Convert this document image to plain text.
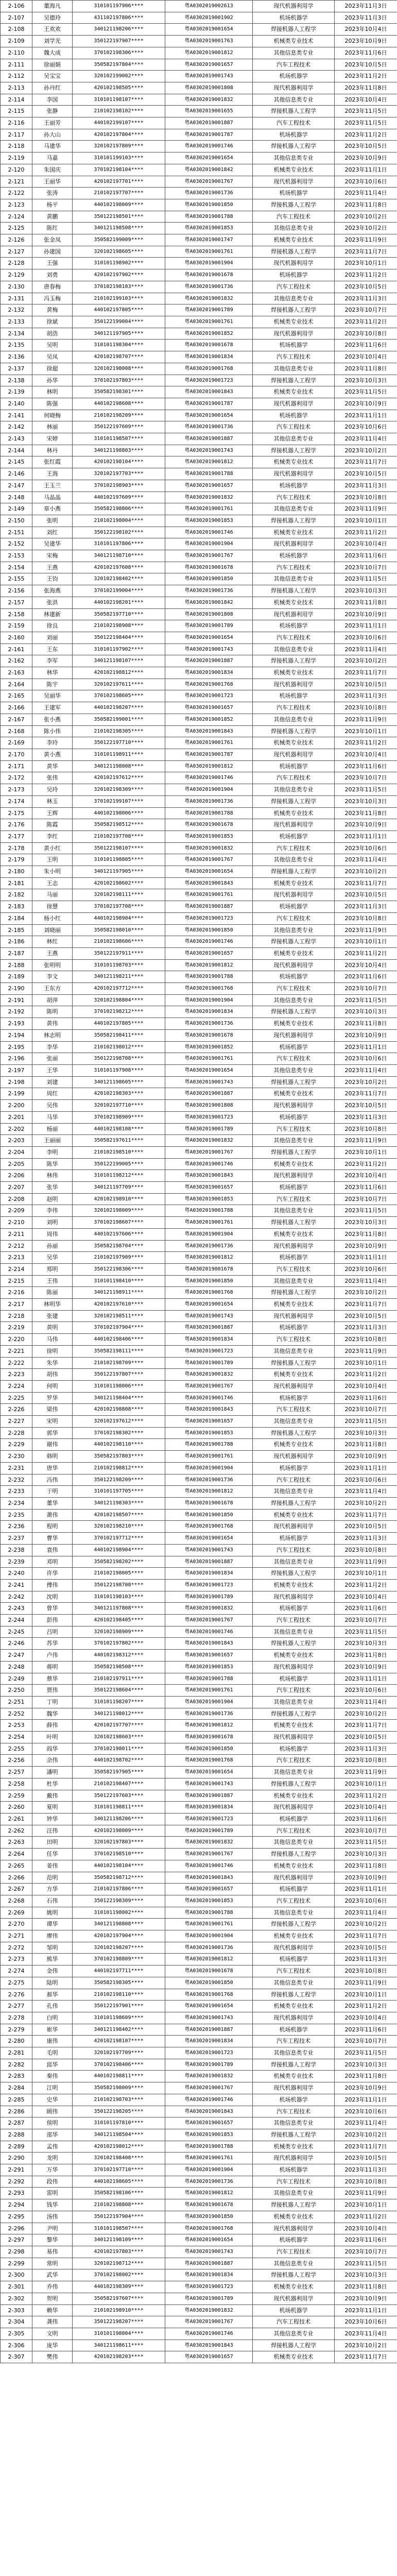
2-106	董海凡	310101197906****	粤A0302019002613	现代机器利用学	2023年11月3日
2-107	吴德玲	431102197806****	粤A0302019001902	机场机器学	2023年11月3日
2-108	王欢欢	340121198206****	粤A0302019001654	焊接机器人工程学	2023年10月4日
2-109	刘学光	350122197907****	粤A0302019001763	机械类专业技术	2023年10月9日
2-110	魏大成	370102198306****	粤A0302019001812	其他信息类专业	2023年11月6日
2-111	徐丽娟	350582197804****	粤A0302019001657	汽车工程技术	2023年10月5日
2-112	吴宝宝	320102199002****	粤A0302019001743	机场机器学	2023年11月2日
2-113	孙丹红	420102198505****	粤A0302019001808	现代机器利用学	2023年11月8日
2-114	李国	310101198107****	粤A0302019001832	其他信息类专业	2023年10月4日
2-115	张静	210102198102****	粤A0302019001655	焊接机器人工程学	2023年11月5日
2-116	王丽芳	440102199107****	粤A0302019001887	汽车工程技术	2023年11月5日
2-117	孙大山	420102197804****	粤A0302019001787	机场机器学	2023年11月2日
2-118	马建华	320102197809****	粤A0302019001746	焊接机器人工程学	2023年10月5日
2-119	马嘉	310101199103****	粤A0302019001654	其他信息类专业	2023年10月9日
2-120	朱国庆	370102198104****	粤A0302019001842	机械类专业技术	2023年11月1日
2-121	王丽华	420102197701****	粤A0302019001767	现代机器利用学	2023年10月6日
2-122	张涛	210102197707****	粤A0302019001736	机场机器学	2023年11月4日
2-123	杨平	440102198009****	粤A0302019001850	焊接机器人工程学	2023年11月8日
2-124	黄鹏	350122198501****	粤A0302019001788	汽车工程技术	2023年10月2日
2-125	陈红	340121198508****	粤A0302019001853	其他信息类专业	2023年10月2日
2-126	张金凤	350582199009****	粤A0302019001747	机械类专业技术	2023年11月9日
2-127	孙建国	320102198605****	粤A0302019001761	焊接机器人工程学	2023年11月7日
2-128	王强	310101198902****	粤A0302019001904	现代机器利用学	2023年10月1日
2-129	刘勇	420102197902****	粤A0302019001678	机场机器学	2023年11月2日
2-130	唐春梅	370102198103****	粤A0302019001736	汽车工程技术	2023年10月5日
2-131	冯玉梅	210102199103****	粤A0302019001832	其他信息类专业	2023年11月3日
2-132	黄梅	440102197805****	粤A0302019001789	焊接机器人工程学	2023年10月7日
2-133	徐斌	350122199004****	粤A0302019001761	机械类专业技术	2023年11月2日
2-134	胡浩	340121197905****	粤A0302019001852	现代机器利用学	2023年10月8日
2-135	吴明	310101198304****	粤A0302019001678	机场机器学	2023年11月6日
2-136	吴凤	420102198707****	粤A0302019001834	汽车工程技术	2023年10月4日
2-137	徐超	320102198008****	粤A0302019001768	其他信息类专业	2023年11月8日
2-138	孙华	370102197803****	粤A0302019001723	焊接机器人工程学	2023年10月3日
2-139	林明	350582198301****	粤A0302019001843	机械类专业技术	2023年11月5日
2-140	陈强	440102198608****	粤A0302019001787	现代机器利用学	2023年10月9日
2-141	何晓梅	210102198209****	粤A0302019001654	机场机器学	2023年11月1日
2-142	林丽	350122197609****	粤A0302019001736	汽车工程技术	2023年10月6日
2-143	宋婷	310101198507****	粤A0302019001887	其他信息类专业	2023年11月4日
2-144	林丹	340121198803****	粤A0302019001743	焊接机器人工程学	2023年10月2日
2-145	张红霞	420102198104****	粤A0302019001812	机械类专业技术	2023年11月7日
2-146	王海	320102197703****	粤A0302019001788	现代机器利用学	2023年10月5日
2-147	王玉兰	370102198903****	粤A0302019001657	机场机器学	2023年11月3日
2-148	马晶晶	440102197609****	粤A0302019001832	汽车工程技术	2023年10月8日
2-149	章小燕	350582198806****	粤A0302019001761	其他信息类专业	2023年11月9日
2-150	张明	210102198004****	粤A0302019001853	焊接机器人工程学	2023年10月1日
2-151	刘红	350122198102****	粤A0302019001746	机械类专业技术	2023年11月2日
2-152	吴建华	310101197806****	粤A0302019001904	现代机器利用学	2023年10月4日
2-153	宋梅	340121198710****	粤A0302019001767	机场机器学	2023年11月6日
2-154	王燕	420102197608****	粤A0302019001678	汽车工程技术	2023年10月7日
2-155	王钧	320102198402****	粤A0302019001850	其他信息类专业	2023年11月5日
2-156	张海燕	370102199004****	粤A0302019001736	焊接机器人工程学	2023年10月3日
2-157	张洪	440102198201****	粤A0302019001842	机械类专业技术	2023年11月8日
2-158	林建新	350582197710****	粤A0302019001808	现代机器利用学	2023年10月9日
2-159	徐良	210102198908****	粤A0302019001789	机场机器学	2023年11月1日
2-160	刘丽	350122198404****	粤A0302019001654	汽车工程技术	2023年10月6日
2-161	王东	310101197902****	粤A0302019001743	其他信息类专业	2023年11月4日
2-162	李军	340121198107****	粤A0302019001887	焊接机器人工程学	2023年10月2日
2-163	林华	420102198812****	粤A0302019001834	机械类专业技术	2023年11月7日
2-164	陈宇	320102197611****	粤A0302019001768	现代机器利用学	2023年10月5日
2-165	吴丽华	370102198605****	粤A0302019001723	机场机器学	2023年11月3日
2-166	王建军	440102198207****	粤A0302019001657	汽车工程技术	2023年10月8日
2-167	张小燕	350582199001****	粤A0302019001852	其他信息类专业	2023年11月9日
2-168	陈小伟	210102198305****	粤A0302019001843	焊接机器人工程学	2023年10月1日
2-169	李玲	350122197710****	粤A0302019001761	机械类专业技术	2023年11月2日
2-170	黄小燕	310101198911****	粤A0302019001787	现代机器利用学	2023年10月4日
2-171	黄华	340121198008****	粤A0302019001812	机场机器学	2023年11月6日
2-172	张伟	420102197612****	粤A0302019001746	汽车工程技术	2023年10月7日
2-173	吴玲	320102198309****	粤A0302019001904	其他信息类专业	2023年11月5日
2-174	林玉	370102199107****	粤A0302019001736	焊接机器人工程学	2023年10月3日
2-175	王辉	440102198006****	粤A0302019001788	机械类专业技术	2023年11月8日
2-176	陈霞	350582198512****	粤A0302019001678	现代机器利用学	2023年10月9日
2-177	李红	210102197708****	粤A0302019001853	机场机器学	2023年11月1日
2-178	黄小红	350122198107****	粤A0302019001832	汽车工程技术	2023年10月6日
2-179	王明	310101198805****	粤A0302019001767	其他信息类专业	2023年11月4日
2-180	朱小明	340121197905****	粤A0302019001654	焊接机器人工程学	2023年10月2日
2-181	王志	420102198602****	粤A0302019001843	机械类专业技术	2023年11月7日
2-182	马丽	320102198111****	粤A0302019001761	现代机器利用学	2023年10月5日
2-183	徐慧	370102197708****	粤A0302019001887	机场机器学	2023年11月3日
2-184	杨小红	440102198904****	粤A0302019001723	汽车工程技术	2023年10月8日
2-185	刘晓丽	350582198010****	粤A0302019001850	其他信息类专业	2023年11月9日
2-186	林红	210102198606****	粤A0302019001746	焊接机器人工程学	2023年10月1日
2-187	王燕	350122197911****	粤A0302019001657	机械类专业技术	2023年11月2日
2-188	张明明	310101198703****	粤A0302019001812	现代机器利用学	2023年10月4日
2-189	李文	340121198211****	粤A0302019001788	机场机器学	2023年11月6日
2-190	王东方	420102197712****	粤A0302019001768	汽车工程技术	2023年10月7日
2-191	胡萍	320102198804****	粤A0302019001904	其他信息类专业	2023年11月5日
2-192	陈明	370102198212****	粤A0302019001834	焊接机器人工程学	2023年10月3日
2-193	黄伟	440102197805****	粤A0302019001736	机械类专业技术	2023年11月8日
2-194	林志明	350582198411****	粤A0302019001678	现代机器利用学	2023年10月9日
2-195	李华	210102198012****	粤A0302019001852	机场机器学	2023年11月1日
2-196	张丽	350122198708****	粤A0302019001761	汽车工程技术	2023年10月6日
2-197	王华	310101197908****	粤A0302019001654	其他信息类专业	2023年11月4日
2-198	刘建	340121198605****	粤A0302019001743	焊接机器人工程学	2023年10月2日
2-199	周红	420102198303****	粤A0302019001887	机械类专业技术	2023年11月7日
2-200	吴伟	320102197710****	粤A0302019001808	现代机器利用学	2023年10月5日
2-201	马华	370102198909****	粤A0302019001723	机场机器学	2023年11月3日
2-202	杨丽	440102198108****	粤A0302019001789	汽车工程技术	2023年10月8日
2-203	王丽丽	350582197611****	粤A0302019001832	其他信息类专业	2023年11月9日
2-204	李明	210102198510****	粤A0302019001767	焊接机器人工程学	2023年10月1日
2-205	陈华	350122199005****	粤A0302019001746	机械类专业技术	2023年11月2日
2-206	林伟	310101198212****	粤A0302019001843	现代机器利用学	2023年10月4日
2-207	张华	340121197709****	粤A0302019001657	机场机器学	2023年11月6日
2-208	赵明	420102198910****	粤A0302019001853	汽车工程技术	2023年10月7日
2-209	李伟	320102198009****	粤A0302019001788	其他信息类专业	2023年11月5日
2-210	刘明	370102198607****	粤A0302019001761	焊接机器人工程学	2023年10月3日
2-211	周伟	440102197606****	粤A0302019001904	机械类专业技术	2023年11月8日
2-212	孙丽	350582198704****	粤A0302019001736	现代机器利用学	2023年10月9日
2-213	吴华	210102197909****	粤A0302019001812	机场机器学	2023年11月1日
2-214	郑明	350122198306****	粤A0302019001678	汽车工程技术	2023年10月6日
2-215	王伟	310101198410****	粤A0302019001850	其他信息类专业	2023年11月4日
2-216	陈丽	340121198911****	粤A0302019001768	焊接机器人工程学	2023年10月2日
2-217	林明华	420102197610****	粤A0302019001654	机械类专业技术	2023年11月7日
2-218	张建	320102198511****	粤A0302019001743	现代机器利用学	2023年10月5日
2-219	黄明	370102197904****	粤A0302019001887	机场机器学	2023年11月3日
2-220	马伟	440102198406****	粤A0302019001834	汽车工程技术	2023年10月8日
2-221	徐明	350582198111****	粤A0302019001723	其他信息类专业	2023年11月9日
2-222	朱华	210102198709****	粤A0302019001789	焊接机器人工程学	2023年10月1日
2-223	胡伟	350122197807****	粤A0302019001832	机械类专业技术	2023年11月2日
2-224	何明	310101198006****	粤A0302019001767	现代机器利用学	2023年10月4日
2-225	罗华	340121198404****	粤A0302019001746	机场机器学	2023年11月6日
2-226	梁伟	420102198808****	粤A0302019001843	汽车工程技术	2023年10月7日
2-227	宋明	320102197612****	粤A0302019001657	其他信息类专业	2023年11月5日
2-228	郭华	370102198302****	粤A0302019001853	焊接机器人工程学	2023年10月3日
2-229	谢伟	440102198110****	粤A0302019001788	机械类专业技术	2023年11月8日
2-230	韩明	350582197803****	粤A0302019001761	现代机器利用学	2023年10月9日
2-231	唐华	210102198812****	粤A0302019001904	机场机器学	2023年11月1日
2-232	冯伟	350122198209****	粤A0302019001736	汽车工程技术	2023年10月6日
2-233	于明	310101197705****	粤A0302019001812	其他信息类专业	2023年11月4日
2-234	董华	340121198303****	粤A0302019001678	焊接机器人工程学	2023年10月2日
2-235	萧伟	420102198507****	粤A0302019001850	机械类专业技术	2023年11月7日
2-236	程明	320102198210****	粤A0302019001768	现代机器利用学	2023年10月5日
2-237	曹华	370102197712****	粤A0302019001654	机场机器学	2023年11月3日
2-238	袁伟	440102198904****	粤A0302019001743	汽车工程技术	2023年10月8日
2-239	邓明	350582198202****	粤A0302019001887	其他信息类专业	2023年11月9日
2-240	许华	210102198005****	粤A0302019001834	焊接机器人工程学	2023年10月1日
2-241	傅伟	350122198708****	粤A0302019001723	机械类专业技术	2023年11月2日
2-242	沈明	310101198103****	粤A0302019001789	现代机器利用学	2023年10月4日
2-243	曾华	340121197808****	粤A0302019001832	机场机器学	2023年11月6日
2-244	彭伟	420102198405****	粤A0302019001767	汽车工程技术	2023年10月7日
2-245	吕明	320102198909****	粤A0302019001746	其他信息类专业	2023年11月5日
2-246	苏华	370102197802****	粤A0302019001843	焊接机器人工程学	2023年10月3日
2-247	卢伟	440102198312****	粤A0302019001657	机械类专业技术	2023年11月8日
2-248	蒋明	350582198508****	粤A0302019001853	现代机器利用学	2023年10月9日
2-249	蔡华	210102197911****	粤A0302019001788	机场机器学	2023年11月1日
2-250	贾伟	350122198604****	粤A0302019001761	汽车工程技术	2023年10月6日
2-251	丁明	310101198207****	粤A0302019001904	其他信息类专业	2023年11月4日
2-252	魏华	340121198012****	粤A0302019001736	焊接机器人工程学	2023年10月2日
2-253	薛伟	420102197707****	粤A0302019001812	机械类专业技术	2023年11月7日
2-254	叶明	320102198603****	粤A0302019001678	现代机器利用学	2023年10月5日
2-255	阎华	370102198011****	粤A0302019001850	机场机器学	2023年11月3日
2-256	余伟	440102198702****	粤A0302019001768	汽车工程技术	2023年10月8日
2-257	潘明	350582197905****	粤A0302019001654	其他信息类专业	2023年11月9日
2-258	杜华	210102198407****	粤A0302019001743	焊接机器人工程学	2023年10月1日
2-259	戴伟	350122197603****	粤A0302019001887	机械类专业技术	2023年11月2日
2-260	夏明	310101198811****	粤A0302019001834	现代机器利用学	2023年10月4日
2-261	钟华	340121198206****	粤A0302019001723	机场机器学	2023年11月6日
2-262	汪伟	420102198009****	粤A0302019001789	汽车工程技术	2023年10月7日
2-263	田明	320102197803****	粤A0302019001832	其他信息类专业	2023年11月5日
2-264	任华	370102198510****	粤A0302019001767	焊接机器人工程学	2023年10月3日
2-265	姜伟	440102198104****	粤A0302019001746	机械类专业技术	2023年11月8日
2-266	范明	350582198712****	粤A0302019001843	现代机器利用学	2023年10月9日
2-267	方华	210102197806****	粤A0302019001657	机场机器学	2023年11月1日
2-268	石伟	350122198309****	粤A0302019001853	汽车工程技术	2023年10月6日
2-269	姚明	310101198002****	粤A0302019001788	其他信息类专业	2023年11月4日
2-270	谭华	340121198808****	粤A0302019001761	焊接机器人工程学	2023年10月2日
2-271	廖伟	420102197904****	粤A0302019001904	机械类专业技术	2023年11月7日
2-272	邹明	320102198207****	粤A0302019001736	现代机器利用学	2023年10月5日
2-273	熊华	370102198809****	粤A0302019001812	机场机器学	2023年11月3日
2-274	金伟	440102197711****	粤A0302019001678	汽车工程技术	2023年10月8日
2-275	陆明	350582198305****	粤A0302019001850	其他信息类专业	2023年11月9日
2-276	郝华	210102198110****	粤A0302019001768	焊接机器人工程学	2023年10月1日
2-277	孔伟	350122197901****	粤A0302019001654	机械类专业技术	2023年11月2日
2-278	白明	310101198609****	粤A0302019001743	现代机器利用学	2023年10月4日
2-279	崔华	340121198402****	粤A0302019001887	机场机器学	2023年11月6日
2-280	康伟	420102198107****	粤A0302019001834	汽车工程技术	2023年10月7日
2-281	毛明	320102197709****	粤A0302019001723	其他信息类专业	2023年11月5日
2-282	邱华	370102198406****	粤A0302019001789	焊接机器人工程学	2023年10月3日
2-283	秦伟	440102198811****	粤A0302019001832	机械类专业技术	2023年11月8日
2-284	江明	350582198009****	粤A0302019001767	现代机器利用学	2023年10月9日
2-285	史华	210102198703****	粤A0302019001746	机场机器学	2023年11月1日
2-286	顾伟	350122198205****	粤A0302019001843	汽车工程技术	2023年10月6日
2-287	侯明	310101197810****	粤A0302019001657	其他信息类专业	2023年11月4日
2-288	邵华	340121198504****	粤A0302019001853	焊接机器人工程学	2023年10月2日
2-289	孟伟	420102198012****	粤A0302019001788	机械类专业技术	2023年11月7日
2-290	龙明	320102198408****	粤A0302019001761	现代机器利用学	2023年10月5日
2-291	万华	370102197710****	粤A0302019001904	机场机器学	2023年11月3日
2-292	段伟	440102198605****	粤A0302019001736	汽车工程技术	2023年10月8日
2-293	雷明	350582198106****	粤A0302019001812	其他信息类专业	2023年11月9日
2-294	钱华	210102198808****	粤A0302019001678	焊接机器人工程学	2023年10月1日
2-295	汤伟	350122197904****	粤A0302019001850	机械类专业技术	2023年11月2日
2-296	尹明	310101198507****	粤A0302019001768	现代机器利用学	2023年10月4日
2-297	黎华	340121198109****	粤A0302019001654	机场机器学	2023年11月6日
2-298	易伟	420102197803****	粤A0302019001743	汽车工程技术	2023年10月7日
2-299	常明	320102198712****	粤A0302019001887	其他信息类专业	2023年11月5日
2-300	武华	370102198002****	粤A0302019001834	焊接机器人工程学	2023年10月3日
2-301	乔伟	440102198309****	粤A0302019001723	机械类专业技术	2023年11月8日
2-302	贺明	350582197607****	粤A0302019001789	现代机器利用学	2023年10月9日
2-303	赖华	210102198910****	粤A0302019001832	机场机器学	2023年11月1日
2-304	龚伟	350122198207****	粤A0302019001767	汽车工程技术	2023年10月6日
2-305	文明	310101198004****	粤A0302019001746	其他信息类专业	2023年11月4日
2-306	庞华	340121198611****	粤A0302019001843	焊接机器人工程学	2023年10月2日
2-307	樊伟	420102198203****	粤A0302019001657	机械类专业技术	2023年11月7日
